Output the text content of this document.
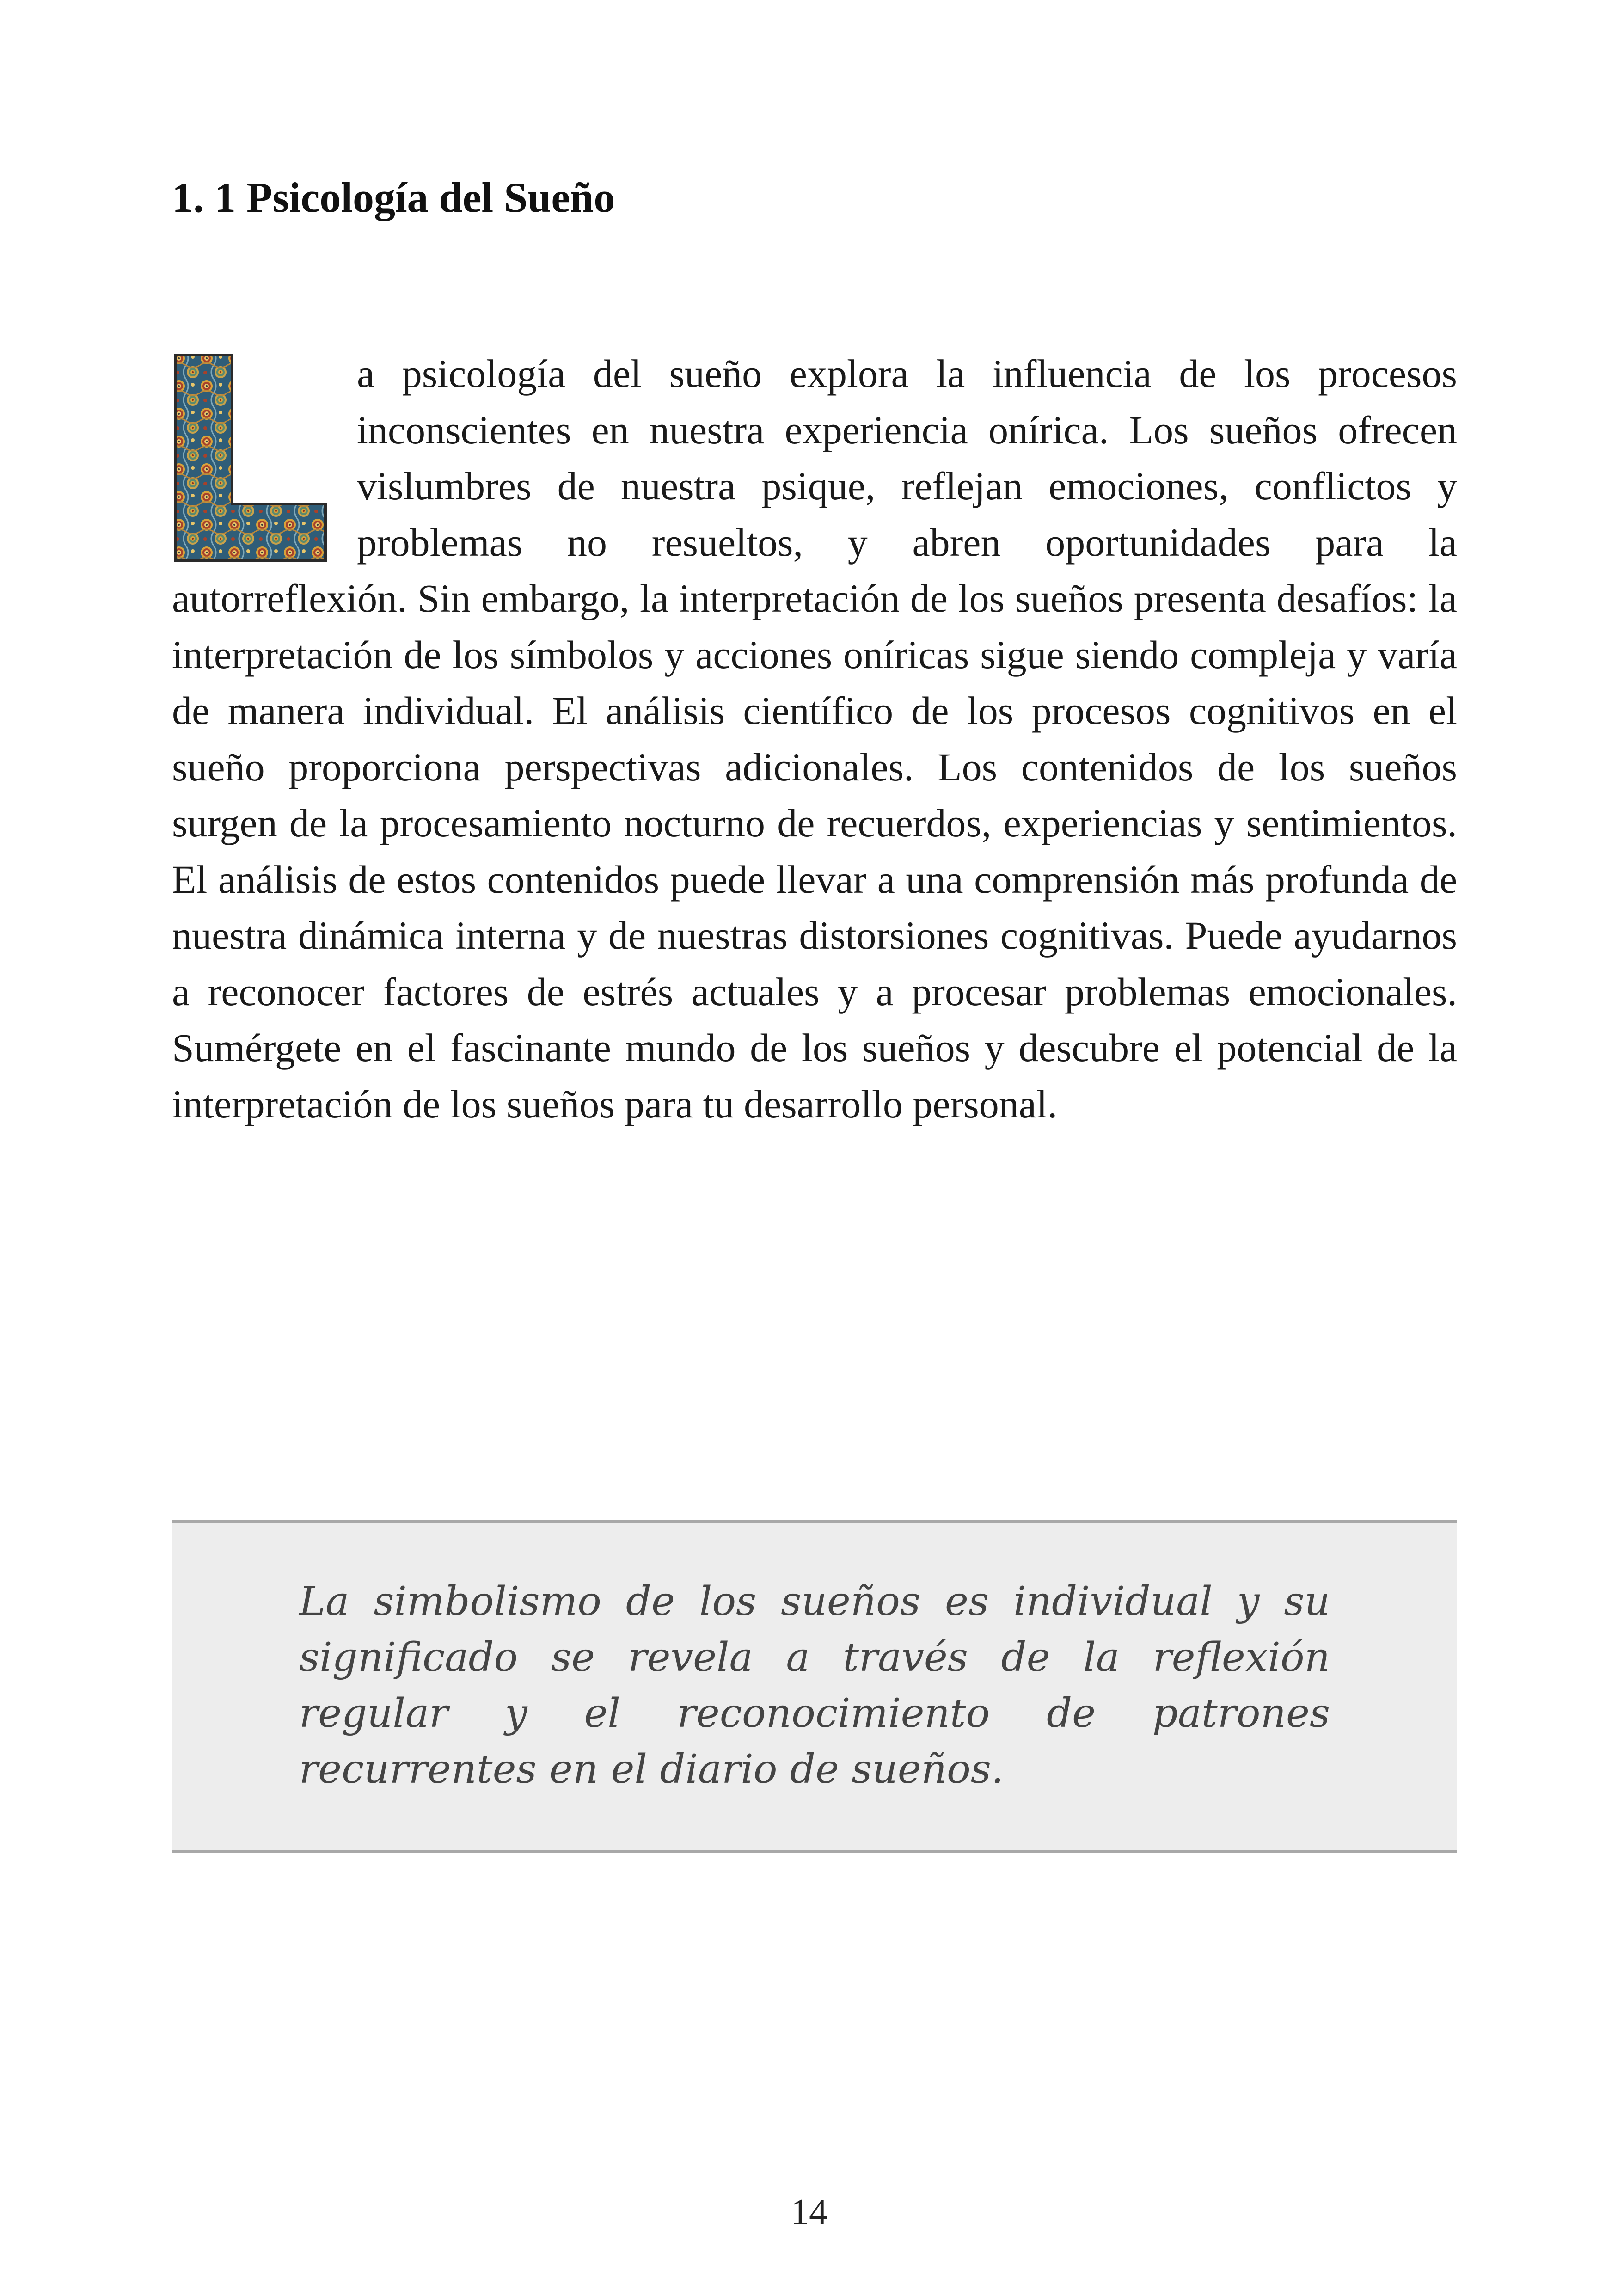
1. 1 Psicología del Sueño
a psicología del sueño explora la influencia de los procesos inconscientes en nuestra experiencia onírica. Los sueños ofrecen vislumbres de nuestra psique, reflejan emociones, conflictos y problemas no resueltos, y abren oportunidades para la autorreflexión. Sin embargo, la interpretación de los sueños presenta desafíos: la interpretación de los símbolos y acciones oníricas sigue siendo compleja y varía de manera individual. El análisis científico de los procesos cognitivos en el sueño proporciona perspectivas adicionales. Los contenidos de los sueños surgen de la procesamiento nocturno de recuerdos, experiencias y sentimientos. El análisis de estos contenidos puede llevar a una comprensión más profunda de nuestra dinámica interna y de nuestras distorsiones cognitivas. Puede ayudarnos a reconocer factores de estrés actuales y a procesar problemas emocionales. Sumérgete en el fascinante mundo de los sueños y descubre el potencial de la interpretación de los sueños para tu desarrollo personal.

La simbolismo de los sueños es individual y su significado se revela a través de la reflexión regular y el reconocimiento de patrones recurrentes en el diario de sueños.

14
